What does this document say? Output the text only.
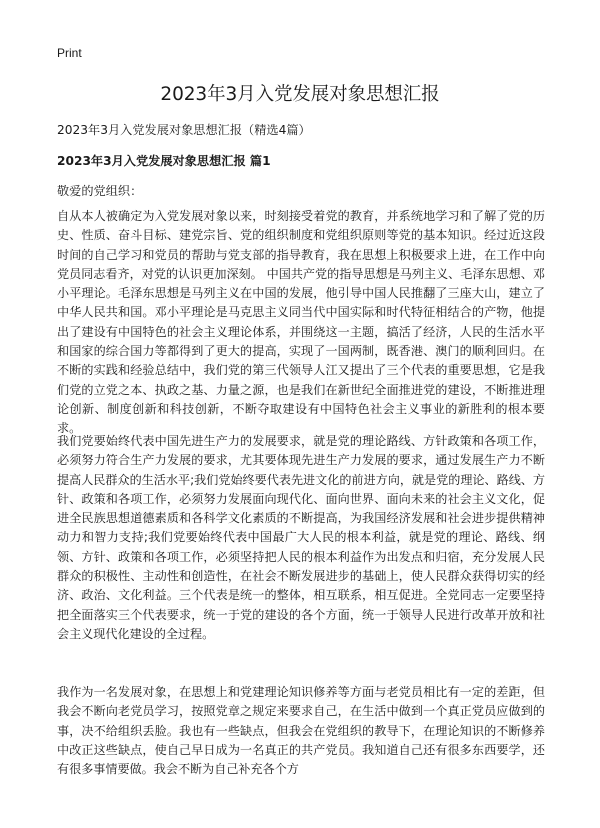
Print
2023年3月入党发展对象思想汇报
2023年3月入党发展对象思想汇报（精选4篇）
2023年3月入党发展对象思想汇报 篇1
敬爱的党组织：

自从本人被确定为入党发展对象以来，时刻接受着党的教育，并系统地学习和了解了党的历史、性质、奋斗目标、建党宗旨、党的组织制度和党组织原则等党的基本知识。经过近这段时间的自己学习和党员的帮助与党支部的指导教育，我在思想上积极要求上进，在工作中向党员同志看齐，对党的认识更加深刻。 中国共产党的指导思想是马列主义、毛泽东思想、邓小平理论。毛泽东思想是马列主义在中国的发展，他引导中国人民推翻了三座大山，建立了中华人民共和国。邓小平理论是马克思主义同当代中国实际和时代特征相结合的产物，他提出了建设有中国特色的社会主义理论体系，并围绕这一主题，搞活了经济，人民的生活水平和国家的综合国力等都得到了更大的提高，实现了一国两制，既香港、澳门的顺利回归。在不断的实践和经验总结中，我们党的第三代领导人江又提出了三个代表的重要思想，它是我们党的立党之本、执政之基、力量之源，也是我们在新世纪全面推进党的建设，不断推进理论创新、制度创新和科技创新，不断夺取建设有中国特色社会主义事业的新胜利的根本要求。

我们党要始终代表中国先进生产力的发展要求，就是党的理论路线、方针政策和各项工作，必须努力符合生产力发展的要求，尤其要体现先进生产力发展的要求，通过发展生产力不断提高人民群众的生活水平;我们党始终要代表先进文化的前进方向，就是党的理论、路线、方针、政策和各项工作，必须努力发展面向现代化、面向世界、面向未来的社会主义文化，促进全民族思想道德素质和各科学文化素质的不断提高，为我国经济发展和社会进步提供精神动力和智力支持;我们党要始终代表中国最广大人民的根本利益，就是党的理论、路线、纲领、方针、政策和各项工作，必须坚持把人民的根本利益作为出发点和归宿，充分发展人民群众的积极性、主动性和创造性，在社会不断发展进步的基础上，使人民群众获得切实的经济、政治、文化利益。三个代表是统一的整体，相互联系，相互促进。全党同志一定要坚持把全面落实三个代表要求，统一于党的建设的各个方面，统一于领导人民进行改革开放和社会主义现代化建设的全过程。

我作为一名发展对象，在思想上和党建理论知识修养等方面与老党员相比有一定的差距，但我会不断向老党员学习，按照党章之规定来要求自己，在生活中做到一个真正党员应做到的事，决不给组织丢脸。我也有一些缺点，但我会在党组织的教导下，在理论知识的不断修养中改正这些缺点，使自己早日成为一名真正的共产党员。我知道自己还有很多东西要学，还有很多事情要做。我会不断为自己补充各个方
